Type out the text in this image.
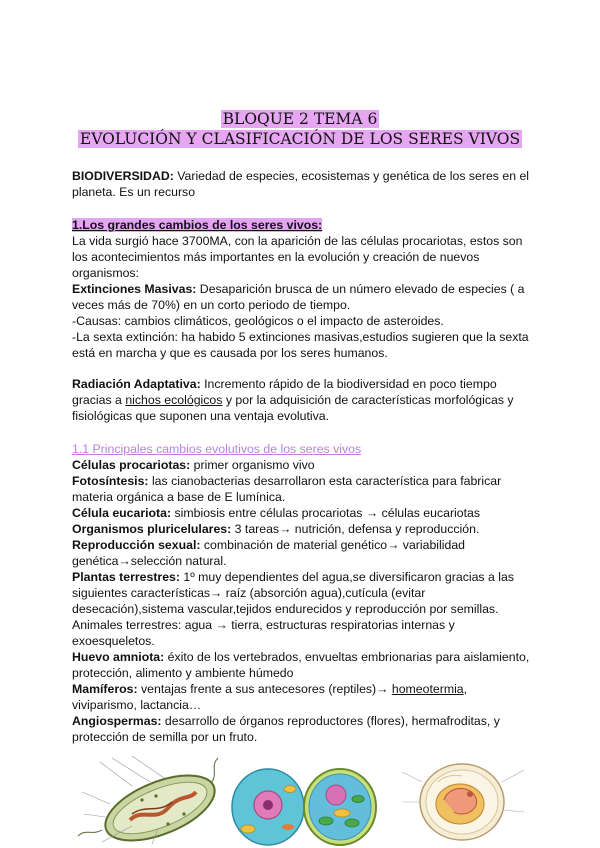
BLOQUE 2 TEMA 6
EVOLUCIÓN Y CLASIFICACIÓN DE LOS SERES VIVOS
BIODIVERSIDAD: Variedad de especies, ecosistemas y genética de los seres en el
planeta. Es un recurso
1.Los grandes cambios de los seres vivos:
La vida surgió hace 3700MA, con la aparición de las células procariotas, estos son
los acontecimientos más importantes en la evolución y creación de nuevos
organismos:
Extinciones Masivas: Desaparición brusca de un número elevado de especies ( a
veces más de 70%) en un corto periodo de tiempo.
-Causas: cambios climáticos, geológicos o el impacto de asteroides.
-La sexta extinción: ha habido 5 extinciones masivas,estudios sugieren que la sexta
está en marcha y que es causada por los seres humanos.
Radiación Adaptativa: Incremento rápido de la biodiversidad en poco tiempo
gracias a nichos ecológicos y por la adquisición de características morfológicas y
fisiológicas que suponen una ventaja evolutiva.
1.1 Principales cambios evolutivos de los seres vivos
Células procariotas: primer organismo vivo
Fotosíntesis: las cianobacterias desarrollaron esta característica para fabricar
materia orgánica a base de E lumínica.
Célula eucariota: simbiosis entre células procariotas → células eucariotas
Organismos pluricelulares: 3 tareas→ nutrición, defensa y reproducción.
Reproducción sexual: combinación de material genético→ variabilidad
genética→selección natural.
Plantas terrestres: 1º muy dependientes del agua,se diversificaron gracias a las
siguientes características→ raíz (absorción agua),cutícula (evitar
desecación),sistema vascular,tejidos endurecidos y reproducción por semillas.
Animales terrestres: agua → tierra, estructuras respiratorias internas y
exoesqueletos.
Huevo amniota: éxito de los vertebrados, envueltas embrionarias para aislamiento,
protección, alimento y ambiente húmedo
Mamíferos: ventajas frente a sus antecesores (reptiles)→ homeotermia,
viviparismo, lactancia…
Angiospermas: desarrollo de órganos reproductores (flores), hermafroditas, y
protección de semilla por un fruto.
